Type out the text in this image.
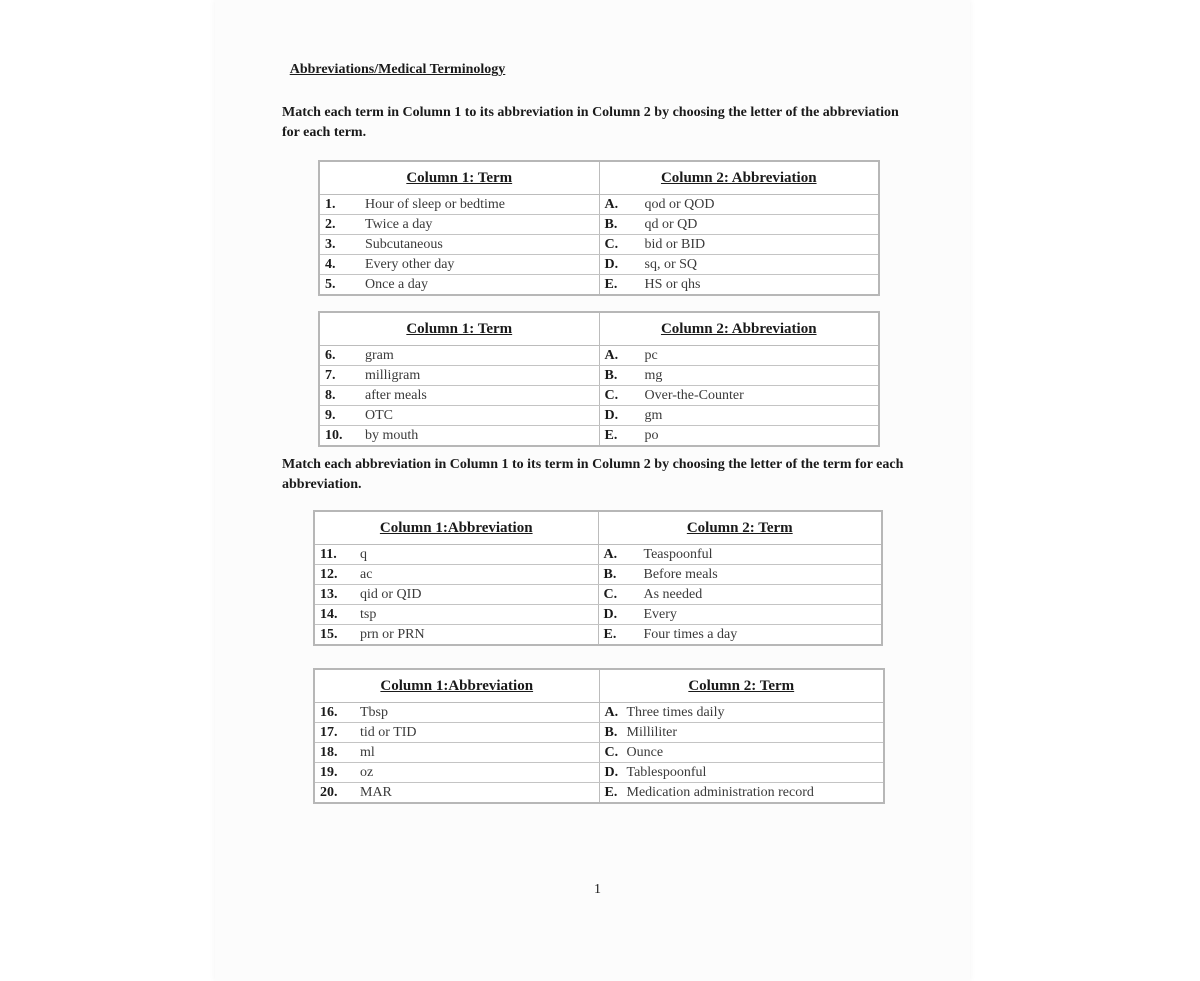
Abbreviations/Medical Terminology
Match each term in Column 1 to its abbreviation in Column 2 by choosing the letter of the abbreviation for each term.
Column 1: Term	Column 2: Abbreviation
1. Hour of sleep or bedtime	A. qod or QOD
2. Twice a day	B. qd or QD
3. Subcutaneous	C. bid or BID
4. Every other day	D. sq, or SQ
5. Once a day	E. HS or qhs
Column 1: Term	Column 2: Abbreviation
6. gram	A. pc
7. milligram	B. mg
8. after meals	C. Over-the-Counter
9. OTC	D. gm
10. by mouth	E. po
Match each abbreviation in Column 1 to its term in Column 2 by choosing the letter of the term for each abbreviation.
Column 1:Abbreviation	Column 2: Term
11. q	A. Teaspoonful
12. ac	B. Before meals
13. qid or QID	C. As needed
14. tsp	D. Every
15. prn or PRN	E. Four times a day
Column 1:Abbreviation	Column 2: Term
16. Tbsp	A. Three times daily
17. tid or TID	B. Milliliter
18. ml	C. Ounce
19. oz	D. Tablespoonful
20. MAR	E. Medication administration record
1
